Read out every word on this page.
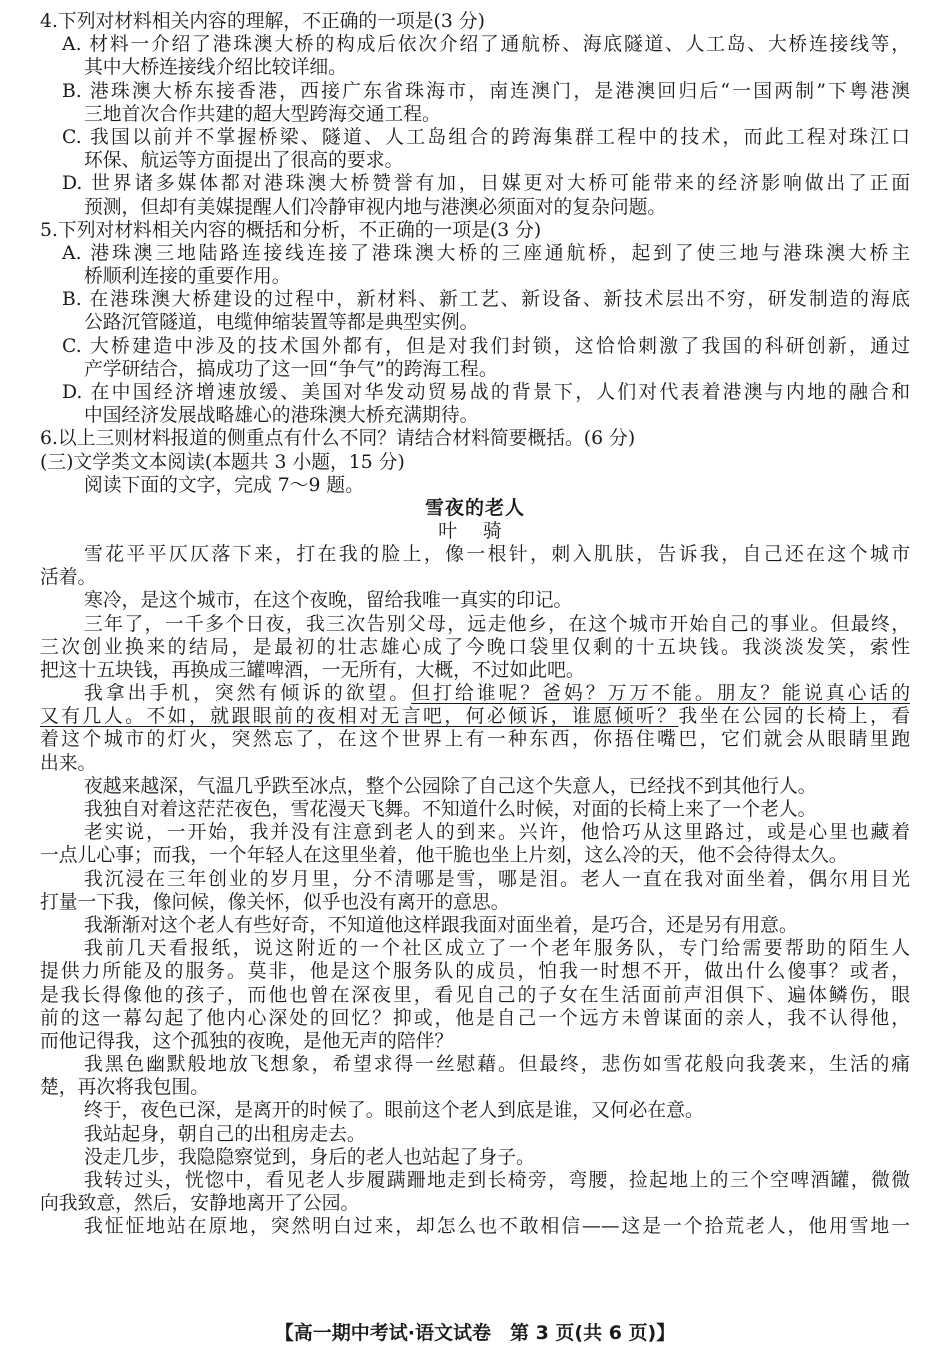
4.下列对材料相关内容的理解，不正确的一项是(3 分)
A. 材料一介绍了港珠澳大桥的构成后依次介绍了通航桥、海底隧道、人工岛、大桥连接线等，
其中大桥连接线介绍比较详细。
B. 港珠澳大桥东接香港，西接广东省珠海市，南连澳门，是港澳回归后“一国两制”下粤港澳
三地首次合作共建的超大型跨海交通工程。
C. 我国以前并不掌握桥梁、隧道、人工岛组合的跨海集群工程中的技术，而此工程对珠江口
环保、航运等方面提出了很高的要求。
D. 世界诸多媒体都对港珠澳大桥赞誉有加，日媒更对大桥可能带来的经济影响做出了正面
预测，但却有美媒提醒人们冷静审视内地与港澳必须面对的复杂问题。
5.下列对材料相关内容的概括和分析，不正确的一项是(3 分)
A. 港珠澳三地陆路连接线连接了港珠澳大桥的三座通航桥，起到了使三地与港珠澳大桥主
桥顺利连接的重要作用。
B. 在港珠澳大桥建设的过程中，新材料、新工艺、新设备、新技术层出不穷，研发制造的海底
公路沉管隧道，电缆伸缩装置等都是典型实例。
C. 大桥建造中涉及的技术国外都有，但是对我们封锁，这恰恰刺激了我国的科研创新，通过
产学研结合，搞成功了这一回“争气”的跨海工程。
D. 在中国经济增速放缓、美国对华发动贸易战的背景下，人们对代表着港澳与内地的融合和
中国经济发展战略雄心的港珠澳大桥充满期待。
6.以上三则材料报道的侧重点有什么不同？请结合材料简要概括。(6 分)
(三)文学类文本阅读(本题共 3 小题，15 分)
阅读下面的文字，完成 7～9 题。
雪夜的老人
叶 骑
雪花平平仄仄落下来，打在我的脸上，像一根针，刺入肌肤，告诉我，自己还在这个城市
活着。
寒冷，是这个城市，在这个夜晚，留给我唯一真实的印记。
三年了，一千多个日夜，我三次告别父母，远走他乡，在这个城市开始自己的事业。但最终，
三次创业换来的结局，是最初的壮志雄心成了今晚口袋里仅剩的十五块钱。我淡淡发笑，索性
把这十五块钱，再换成三罐啤酒，一无所有，大概，不过如此吧。
我拿出手机，突然有倾诉的欲望。但打给谁呢？爸妈？万万不能。朋友？能说真心话的
又有几人。不如，就跟眼前的夜相对无言吧，何必倾诉，谁愿倾听？我坐在公园的长椅上，看
着这个城市的灯火，突然忘了，在这个世界上有一种东西，你捂住嘴巴，它们就会从眼睛里跑
出来。
夜越来越深，气温几乎跌至冰点，整个公园除了自己这个失意人，已经找不到其他行人。
我独自对着这茫茫夜色，雪花漫天飞舞。不知道什么时候，对面的长椅上来了一个老人。
老实说，一开始，我并没有注意到老人的到来。兴许，他恰巧从这里路过，或是心里也藏着
一点儿心事；而我，一个年轻人在这里坐着，他干脆也坐上片刻，这么冷的天，他不会待得太久。
我沉浸在三年创业的岁月里，分不清哪是雪，哪是泪。老人一直在我对面坐着，偶尔用目光
打量一下我，像问候，像关怀，似乎也没有离开的意思。
我渐渐对这个老人有些好奇，不知道他这样跟我面对面坐着，是巧合，还是另有用意。
我前几天看报纸，说这附近的一个社区成立了一个老年服务队，专门给需要帮助的陌生人
提供力所能及的服务。莫非，他是这个服务队的成员，怕我一时想不开，做出什么傻事？或者，
是我长得像他的孩子，而他也曾在深夜里，看见自己的子女在生活面前声泪俱下、遍体鳞伤，眼
前的这一幕勾起了他内心深处的回忆？抑或，他是自己一个远方未曾谋面的亲人，我不认得他，
而他记得我，这个孤独的夜晚，是他无声的陪伴？
我黑色幽默般地放飞想象，希望求得一丝慰藉。但最终，悲伤如雪花般向我袭来，生活的痛
楚，再次将我包围。
终于，夜色已深，是离开的时候了。眼前这个老人到底是谁，又何必在意。
我站起身，朝自己的出租房走去。
没走几步，我隐隐察觉到，身后的老人也站起了身子。
我转过头，恍惚中，看见老人步履蹒跚地走到长椅旁，弯腰，捡起地上的三个空啤酒罐，微微
向我致意，然后，安静地离开了公园。
我怔怔地站在原地，突然明白过来，却怎么也不敢相信——这是一个拾荒老人，他用雪地一
【高一期中考试·语文试卷　第 3 页(共 6 页)】
